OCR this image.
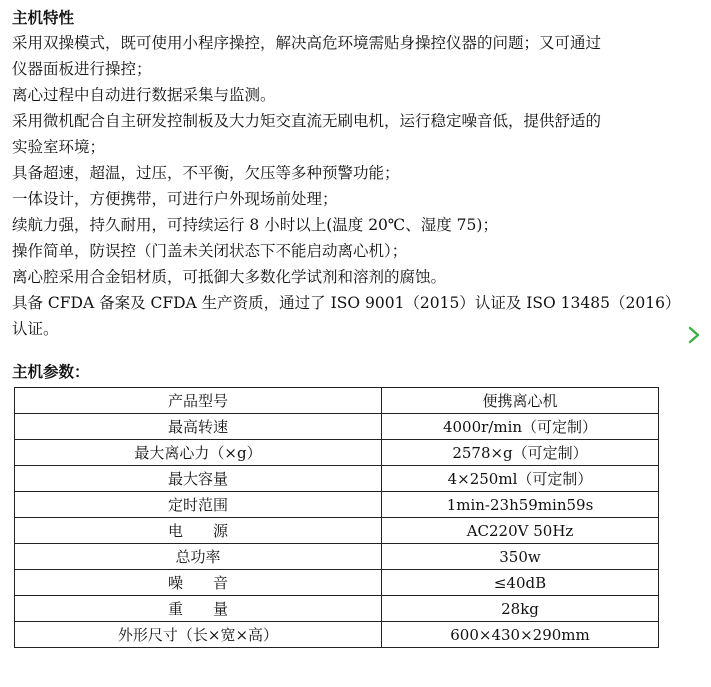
主机特性
采用双操模式，既可使用小程序操控，解决高危环境需贴身操控仪器的问题；又可通过
仪器面板进行操控；
离心过程中自动进行数据采集与监测。
采用微机配合自主研发控制板及大力矩交直流无刷电机，运行稳定噪音低，提供舒适的
实验室环境；
具备超速，超温，过压，不平衡，欠压等多种预警功能；
一体设计，方便携带，可进行户外现场前处理；
续航力强，持久耐用，可持续运行 8 小时以上(温度 20℃、湿度 75)；
操作简单，防误控（门盖未关闭状态下不能启动离心机）；
离心腔采用合金铝材质，可抵御大多数化学试剂和溶剂的腐蚀。
具备 CFDA 备案及 CFDA 生产资质，通过了 ISO 9001（2015）认证及 ISO 13485（2016）
认证。
主机参数：
产品型号	便携离心机
最高转速	4000r/min（可定制）
最大离心力（×g）	2578×g（可定制）
最大容量	4×250ml（可定制）
定时范围	1min-23h59min59s
电　　源	AC220V 50Hz
总功率	350w
噪　　音	≤40dB
重　　量	28kg
外形尺寸（长×宽×高）	600×430×290mm
